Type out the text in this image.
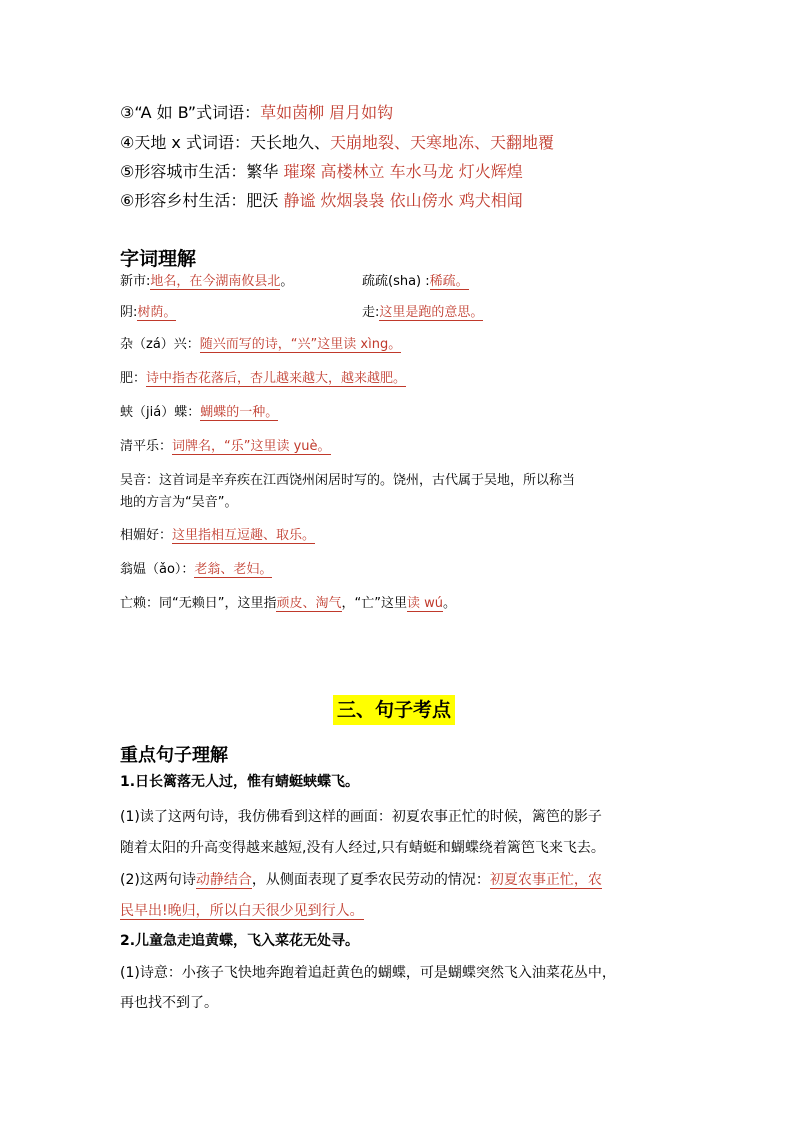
③“A 如 B”式词语：草如茵柳 眉月如钩
④天地 x 式词语：天长地久、天崩地裂、天寒地冻、天翻地覆
⑤形容城市生活：繁华 璀璨 高楼林立 车水马龙 灯火辉煌
⑥形容乡村生活：肥沃 静谧 炊烟袅袅 依山傍水 鸡犬相闻
字词理解
新市:地名，在今湖南攸县北。	疏疏(sha) :稀疏。
阴:树荫。	走:这里是跑的意思。
杂（zá）兴：随兴而写的诗，“兴”这里读 xìng。
肥：诗中指杏花落后，杏儿越来越大，越来越肥。
蛱（jiá）蝶：蝴蝶的一种。
清平乐：词牌名，“乐”这里读 yuè。
吴音：这首词是辛弃疾在江西饶州闲居时写的。饶州，古代属于吴地，所以称当
地的方言为“吴音”。
相媚好：这里指相互逗趣、取乐。
翁媪（ǎo）：老翁、老妇。
亡赖：同“无赖日”，这里指顽皮、淘气，“亡”这里读 wú。
三、句子考点
重点句子理解
1.日长篱落无人过，惟有蜻蜓蛱蝶飞。
(1)读了这两句诗，我仿佛看到这样的画面：初夏农事正忙的时候，篱笆的影子
随着太阳的升高变得越来越短,没有人经过,只有蜻蜓和蝴蝶绕着篱笆飞来飞去。
(2)这两句诗动静结合，从侧面表现了夏季农民劳动的情况：初夏农事正忙，农
民早出!晚归，所以白天很少见到行人。
2.儿童急走追黄蝶，飞入菜花无处寻。
(1)诗意：小孩子飞快地奔跑着追赶黄色的蝴蝶，可是蝴蝶突然飞入油菜花丛中，
再也找不到了。
